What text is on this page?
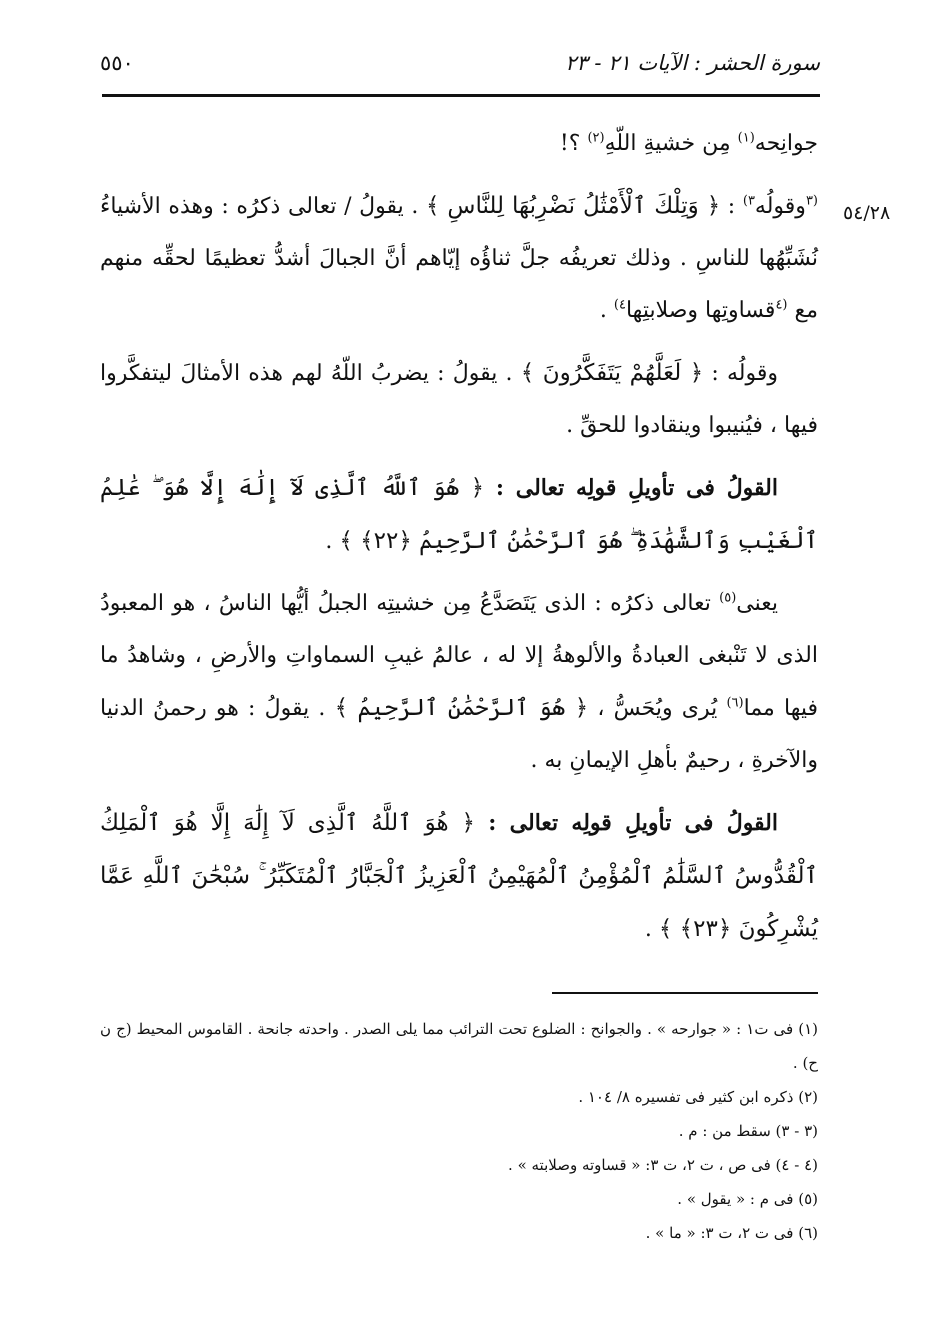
سورة الحشر : الآيات ٢١ - ٢٣
٥٥٠
٥٤/٢٨

جوانِحه$^{(١)}$ مِن خشيةِ اللّهِ$^{(٢)}$ ؟!

$^{(٣}$وقولُه$^{٣)}$ : ﴿ وَتِلْكَ ٱلْأَمْثَٰلُ نَضْرِبُهَا لِلنَّاسِ ﴾ . يقولُ / تعالى ذكرُه : وهذه الأشياءُ نُشَبِّهُها للناسِ . وذلك تعريفُه جلَّ ثناؤُه إيّاهم أنَّ الجبالَ أشدُّ تعظيمًا لحقِّه منهم مع $^{(٤}$قساوتِها وصلابتِها$^{٤)}$ .

وقولُه : ﴿ لَعَلَّهُمْ يَتَفَكَّرُونَ ﴾ . يقولُ : يضربُ اللّهُ لهم هذه الأمثالَ ليتفكَّروا فيها ، فيُنيبوا وينقادوا للحقِّ .

القولُ فى تأويلِ قولِه تعالى : ﴿ هُوَ ٱللَّهُ ٱلَّذِى لَآ إِلَٰهَ إِلَّا هُوَ ۖ عَٰلِمُ ٱلْغَيْبِ وَٱلشَّهَٰدَةِ ۖ هُوَ ٱلرَّحْمَٰنُ ٱلرَّحِيمُ ﴿٢٢﴾ ﴾ .

يعنى$^{(٥)}$ تعالى ذكرُه : الذى يَتَصَدَّعُ مِن خشيتِه الجبلُ أيُّها الناسُ ، هو المعبودُ الذى لا تَنْبغى العبادةُ والألوهةُ إلا له ، عالمُ غيبِ السماواتِ والأرضِ ، وشاهدُ ما فيها مما$^{(٦)}$ يُرى ويُحَسُّ ، ﴿ هُوَ ٱلرَّحْمَٰنُ ٱلرَّحِيمُ ﴾ . يقولُ : هو رحمنُ الدنيا والآخرةِ ، رحيمٌ بأهلِ الإيمانِ به .

القولُ فى تأويلِ قولِه تعالى : ﴿ هُوَ ٱللَّهُ ٱلَّذِى لَآ إِلَٰهَ إِلَّا هُوَ ٱلْمَلِكُ ٱلْقُدُّوسُ ٱلسَّلَٰمُ ٱلْمُؤْمِنُ ٱلْمُهَيْمِنُ ٱلْعَزِيزُ ٱلْجَبَّارُ ٱلْمُتَكَبِّرُ ۚ سُبْحَٰنَ ٱللَّهِ عَمَّا يُشْرِكُونَ ﴿٢٣﴾ ﴾ .

(١) فى ت١ : « جوارحه » . والجوانح : الضلوع تحت الترائب مما يلى الصدر . واحدته جانحة . القاموس المحيط (ج ن ح) .

(٢) ذكره ابن كثير فى تفسيره ٨/ ١٠٤ .

(٣ - ٣) سقط من : م .

(٤ - ٤) فى ص ، ت ٢، ت ٣: « قساوته وصلابته » .

(٥) فى م : « يقول » .

(٦) فى ت ٢، ت ٣: « ما » .
